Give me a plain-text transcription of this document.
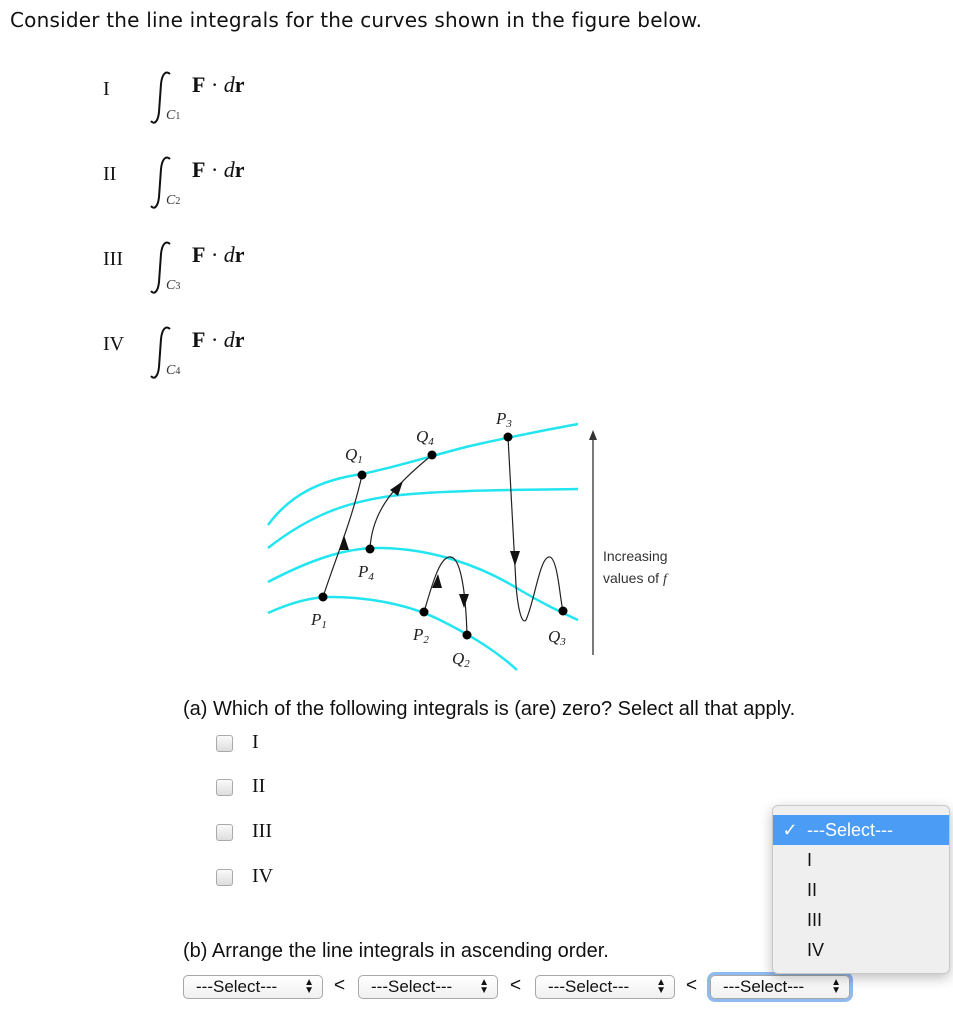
Consider the line integrals for the curves shown in the figure below.
I
C1
F · dr
II
C2
F · dr
III
C3
F · dr
IV
C4
F · dr
Q1
Q4
P3
P4
P1	P2
Q2
Q3
Increasing
values of f
(a) Which of the following integrals is (are) zero? Select all that apply.
I
II
III
IV
(b) Arrange the line integrals in ascending order.
---Select---	▲
▼ < ---Select---	▲
▼ < ---Select---	▲
▼ < ---Select---	▲
▼
✓ ---Select---
I
II
III
IV
